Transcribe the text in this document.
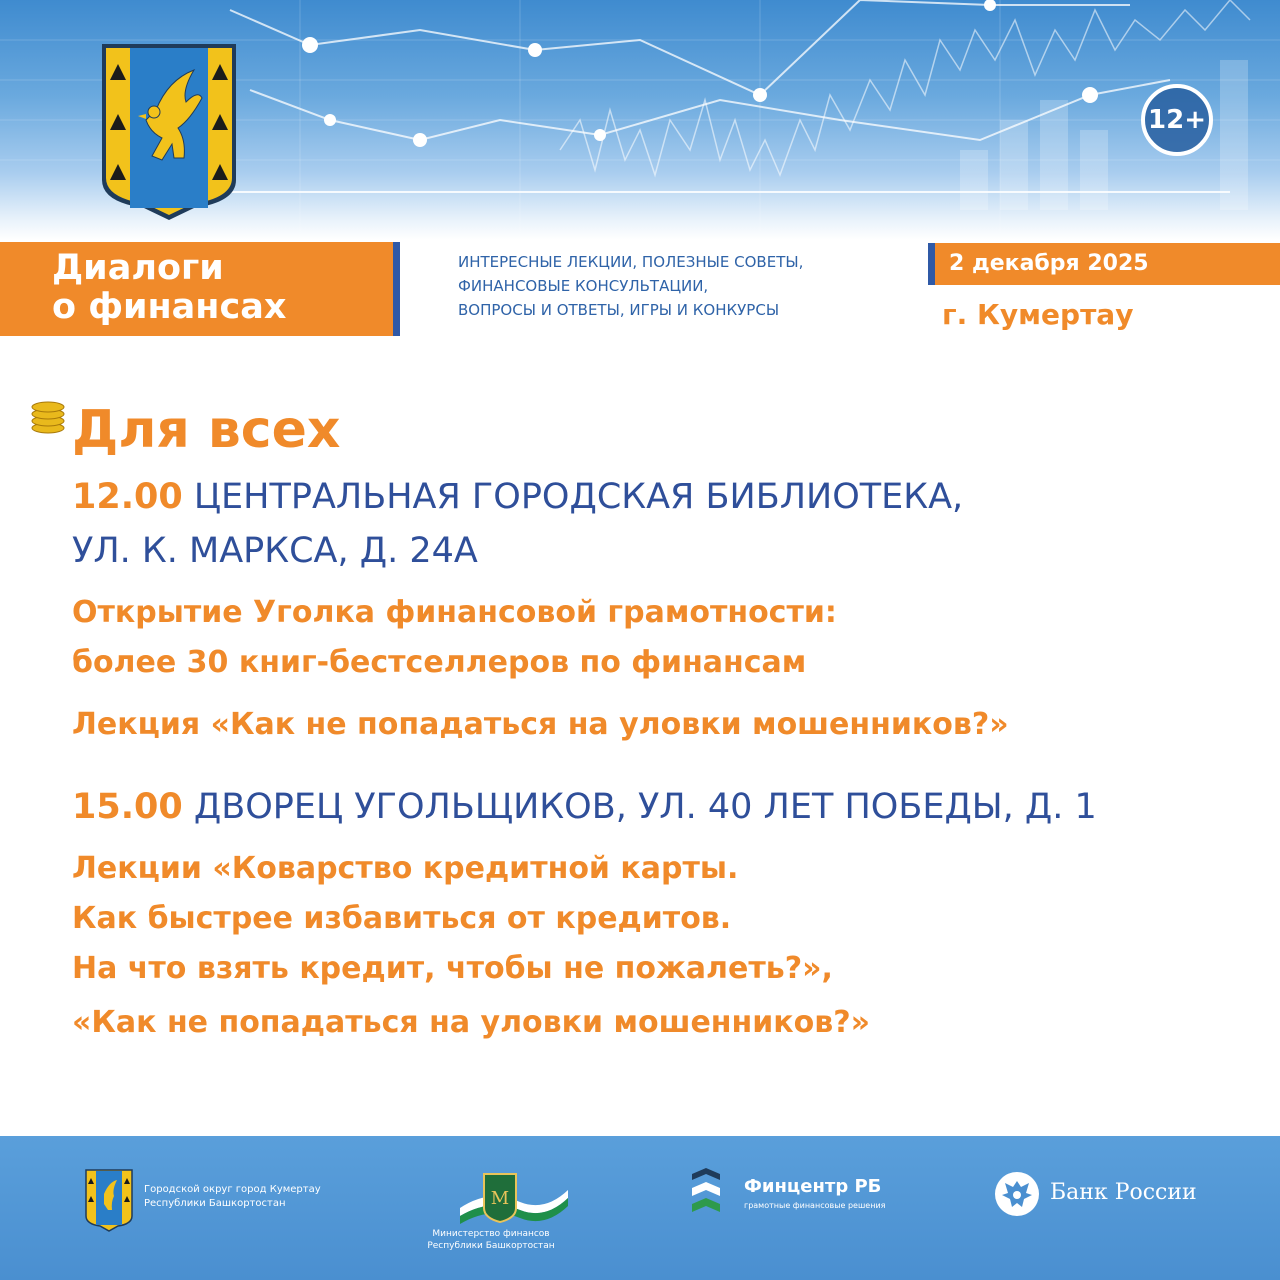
12+
Диалоги
о финансах
ИНТЕРЕСНЫЕ ЛЕКЦИИ, ПОЛЕЗНЫЕ СОВЕТЫ,
ФИНАНСОВЫЕ КОНСУЛЬТАЦИИ,
ВОПРОСЫ И ОТВЕТЫ, ИГРЫ И КОНКУРСЫ
2 декабря 2025
г. Кумертау
Для всех
12.00 ЦЕНТРАЛЬНАЯ ГОРОДСКАЯ БИБЛИОТЕКА,
УЛ. К. МАРКСА, Д. 24А
Открытие Уголка финансовой грамотности:
более 30 книг-бестселлеров по финансам
Лекция «Как не попадаться на уловки мошенников?»
15.00 ДВОРЕЦ УГОЛЬЩИКОВ, УЛ. 40 ЛЕТ ПОБЕДЫ, Д. 1
Лекции «Коварство кредитной карты.
Как быстрее избавиться от кредитов.
На что взять кредит, чтобы не пожалеть?»,
«Как не попадаться на уловки мошенников?»
Городской округ город Кумертау
Республики Башкортостан	M
Министерство финансов
Республики Башкортостан
Финцентр РБ
грамотные финансовые решения
Банк России
